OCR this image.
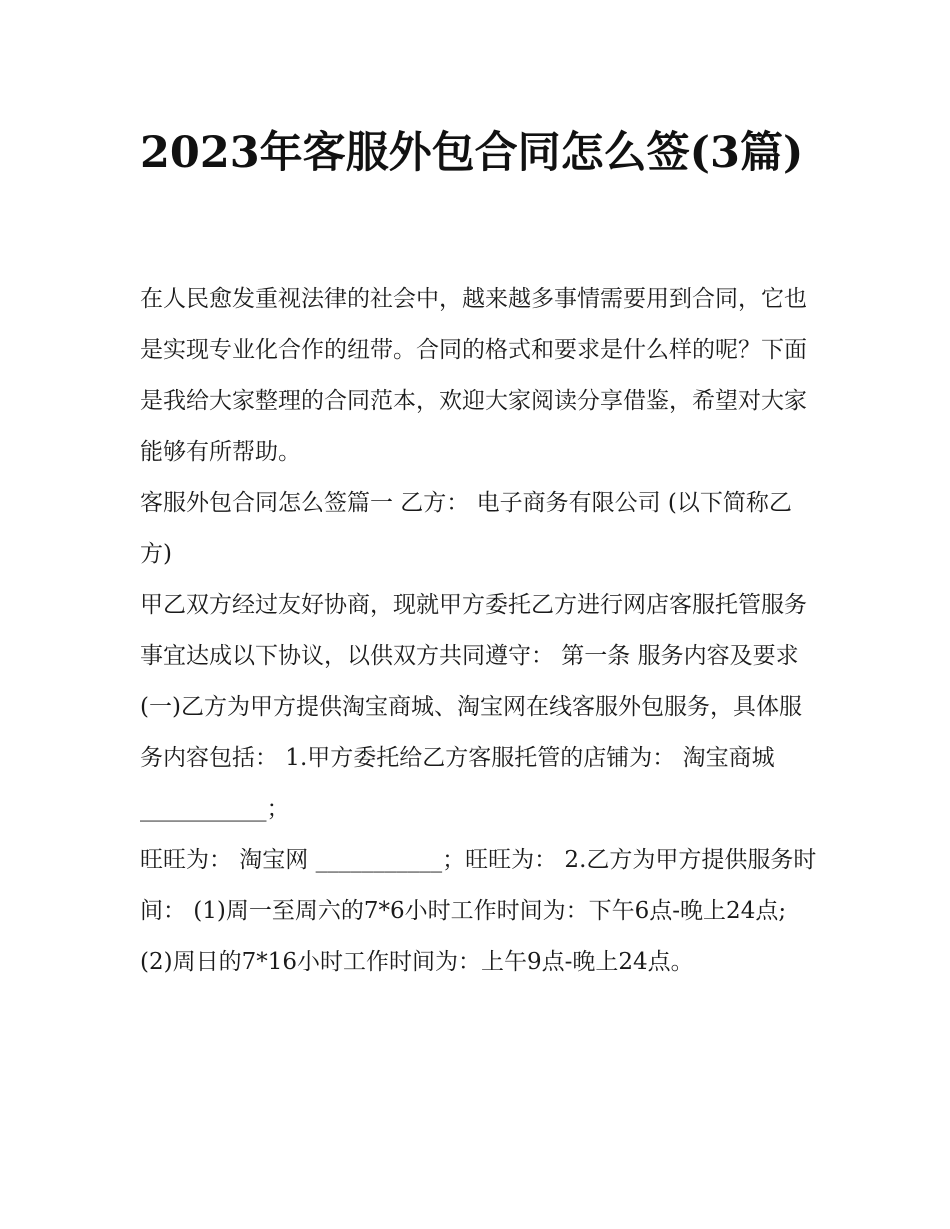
2023年客服外包合同怎么签(3篇)

在人民愈发重视法律的社会中，越来越多事情需要用到合同，它也是实现专业化合作的纽带。合同的格式和要求是什么样的呢？下面是我给大家整理的合同范本，欢迎大家阅读分享借鉴，希望对大家能够有所帮助。

客服外包合同怎么签篇一 乙方： 电子商务有限公司 (以下简称乙方)

甲乙双方经过友好协商，现就甲方委托乙方进行网店客服托管服务事宜达成以下协议，以供双方共同遵守： 第一条 服务内容及要求

(一)乙方为甲方提供淘宝商城、淘宝网在线客服外包服务，具体服务内容包括： 1.甲方委托给乙方客服托管的店铺为： 淘宝商城___________；

旺旺为： 淘宝网 ___________；旺旺为： 2.乙方为甲方提供服务时间： (1)周一至周六的7*6小时工作时间为：下午6点-晚上24点;

(2)周日的7*16小时工作时间为：上午9点-晚上24点。
